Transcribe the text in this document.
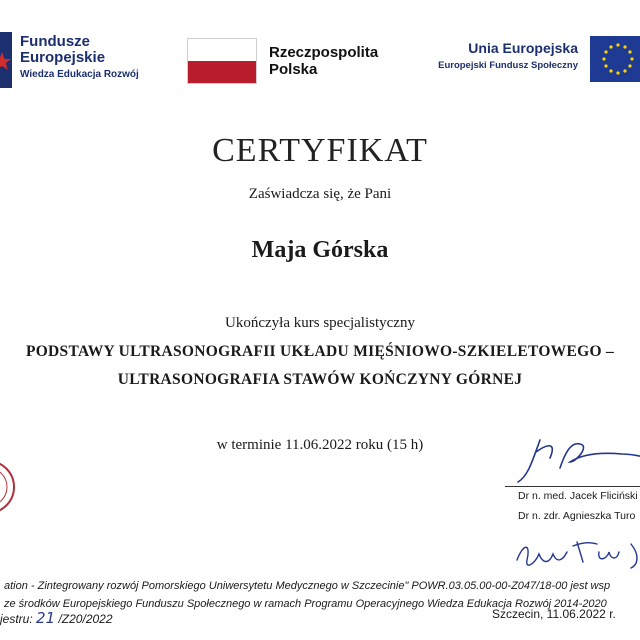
Fundusze
Europejskie
Wiedza Edukacja Rozwój
Rzeczpospolita
Polska
Unia Europejska
Europejski Fundusz Społeczny
CERTYFIKAT
Zaświadcza się, że Pani
Maja Górska
Ukończyła kurs specjalistyczny
PODSTAWY ULTRASONOGRAFII UKŁADU MIĘŚNIOWO-SZKIELETOWEGO –
ULTRASONOGRAFIA STAWÓW KOŃCZYNY GÓRNEJ
w terminie 11.06.2022 roku (15 h)
Dr n. med. Jacek Fliciński
Dr n. zdr. Agnieszka Turo
ation - Zintegrowany rozwój Pomorskiego Uniwersytetu Medycznego w Szczecinie" POWR.03.05.00-00-Z047/18-00 jest wsp
ze środków Europejskiego Funduszu Społecznego w ramach Programu Operacyjnego Wiedza Edukacja Rozwój 2014-2020
jestru: 21 /Z20/2022	Szczecin, 11.06.2022 r.
